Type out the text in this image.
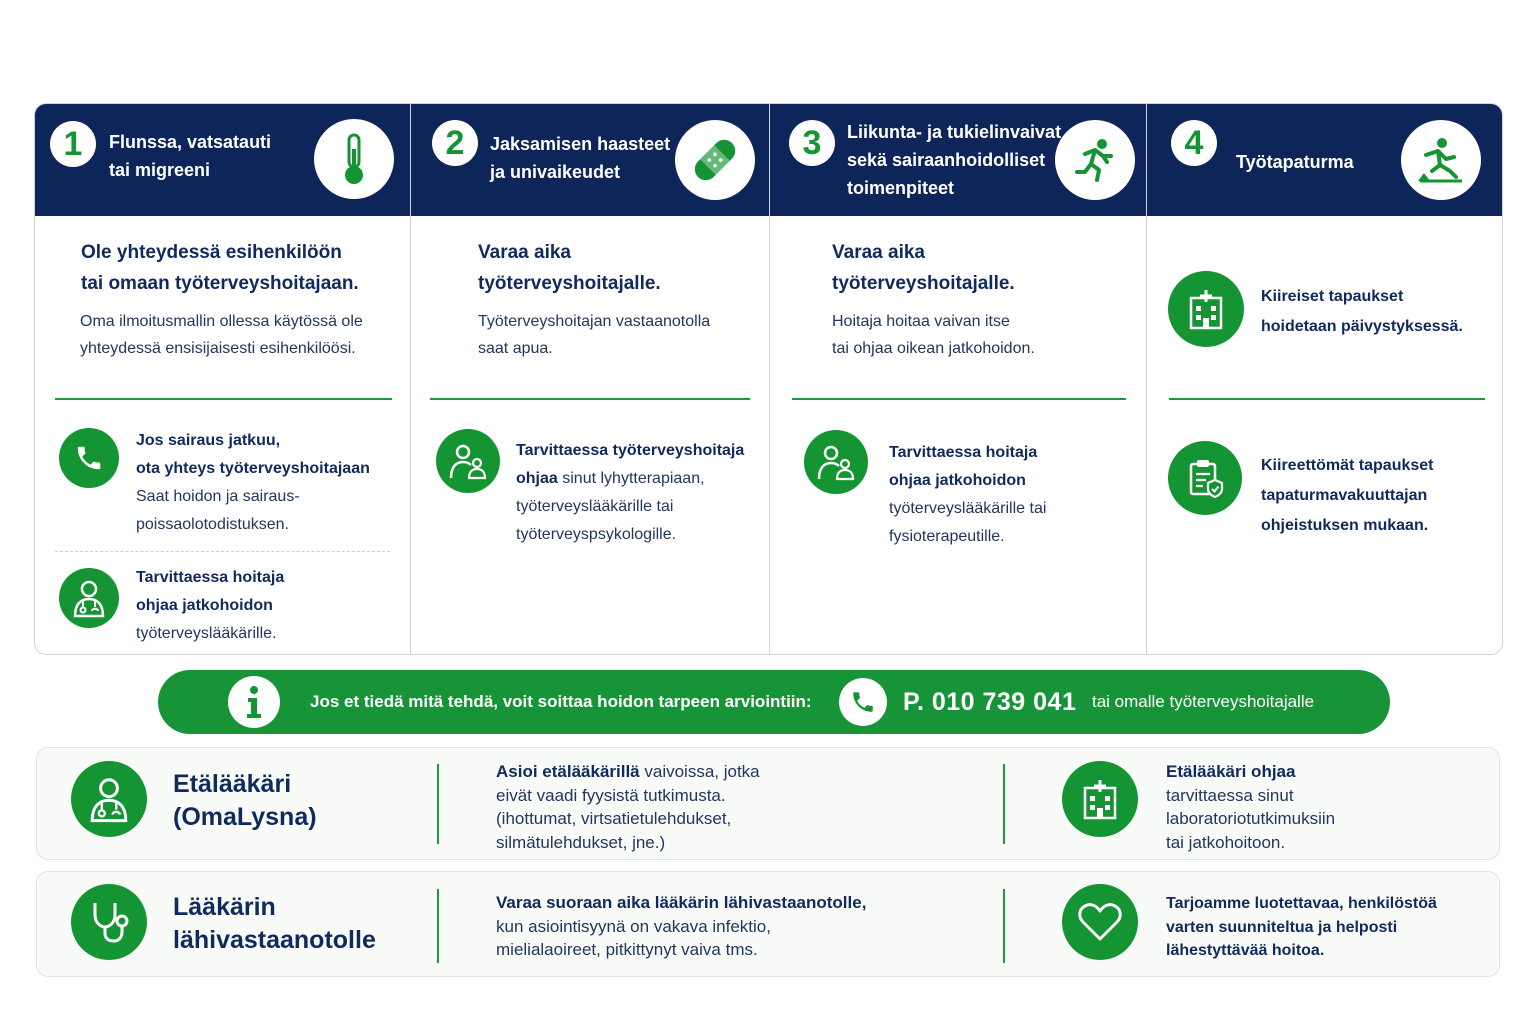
1	Flunssa, vatsatauti
tai migreeni
Ole yhteydessä esihenkilöön
tai omaan työterveyshoitajaan.
Oma ilmoitusmallin ollessa käytössä ole
yhteydessä ensisijaisesti esihenkilöösi.
Jos sairaus jatkuu,
ota yhteys työterveyshoitajaan
Saat hoidon ja sairaus-
poissaolotodistuksen.
Tarvittaessa hoitaja
ohjaa jatkohoidon
työterveyslääkärille.
2	Jaksamisen haasteet
ja univaikeudet
Varaa aika
työterveyshoitajalle.
Työterveyshoitajan vastaanotolla
saat apua.
Tarvittaessa työterveyshoitaja
ohjaa sinut lyhytterapiaan,
työterveyslääkärille tai
työterveyspsykologille.
3	Liikunta- ja tukielinvaivat
sekä sairaanhoidolliset
toimenpiteet
Varaa aika
työterveyshoitajalle.
Hoitaja hoitaa vaivan itse
tai ohjaa oikean jatkohoidon.
Tarvittaessa hoitaja
ohjaa jatkohoidon
työterveyslääkärille tai
fysioterapeutille.
4	Työtapaturma
Kiireiset tapaukset
hoidetaan päivystyksessä.
Kiireettömät tapaukset
tapaturmavakuuttajan
ohjeistuksen mukaan.
Jos et tiedä mitä tehdä, voit soittaa hoidon tarpeen arviointiin:	P. 010 739 041 tai omalle työterveyshoitajalle
Etälääkäri
(OmaLysna)
Asioi etälääkärillä vaivoissa, jotka
eivät vaadi fyysistä tutkimusta.
(ihottumat, virtsatietulehdukset,
silmätulehdukset, jne.)
Etälääkäri ohjaa
tarvittaessa sinut
laboratoriotutkimuksiin
tai jatkohoitoon.
Lääkärin
lähivastaanotolle
Varaa suoraan aika lääkärin lähivastaanotolle,
kun asiointisyynä on vakava infektio,
mielialaoireet, pitkittynyt vaiva tms.
Tarjoamme luotettavaa, henkilöstöä
varten suunniteltua ja helposti
lähestyttävää hoitoa.
